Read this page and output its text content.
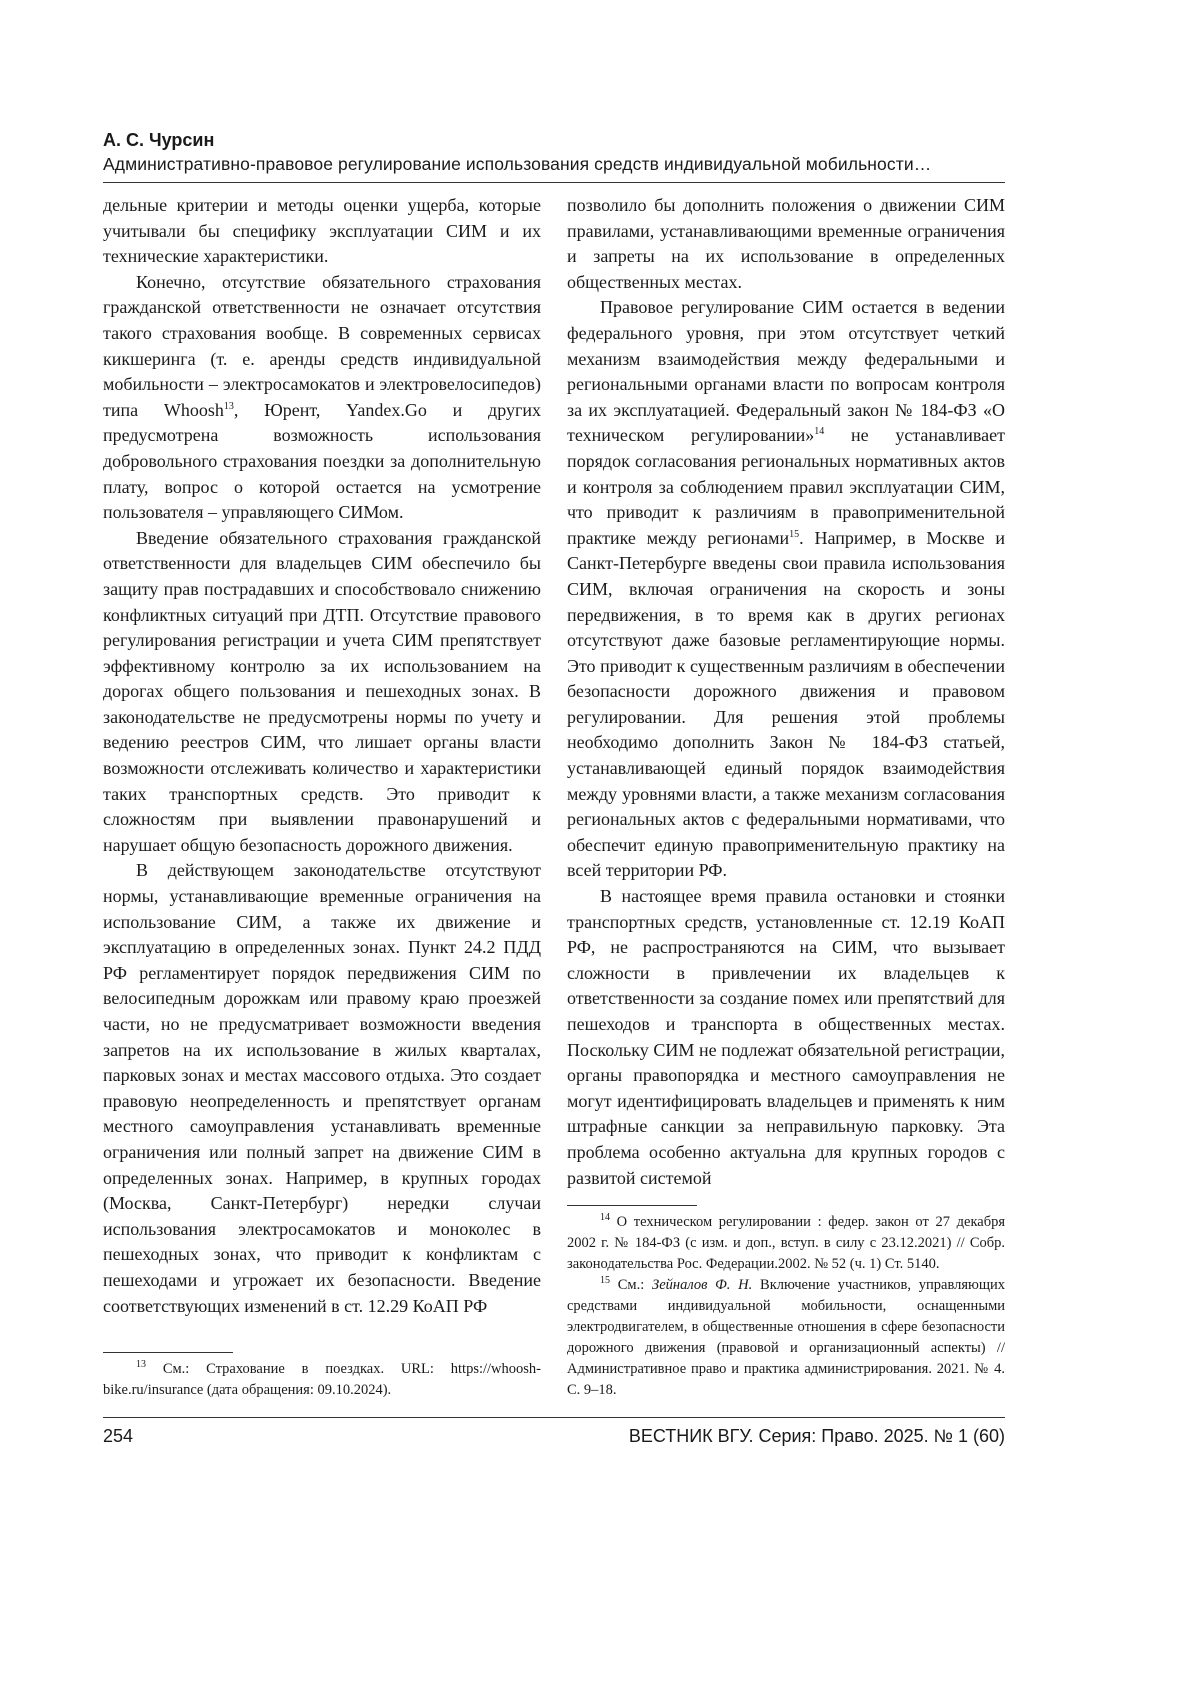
А. С. Чурсин
Административно-правовое регулирование использования средств индивидуальной мобильности…

дельные критерии и методы оценки ущерба, которые учитывали бы специфику эксплуатации СИМ и их технические характеристики.

Конечно, отсутствие обязательного страхования гражданской ответственности не означает отсутствия такого страхования вообще. В современных сервисах кикшеринга (т. е. аренды средств индивидуальной мобильности – электросамокатов и электровелосипедов) типа Whoosh13, Юрент, Yandex.Go и других предусмотрена возможность использования добровольного страхования поездки за дополнительную плату, вопрос о которой остается на усмотрение пользователя – управляющего СИМом.

Введение обязательного страхования гражданской ответственности для владельцев СИМ обеспечило бы защиту прав пострадавших и способствовало снижению конфликтных ситуаций при ДТП. Отсутствие правового регулирования регистрации и учета СИМ препятствует эффективному контролю за их использованием на дорогах общего пользования и пешеходных зонах. В законодательстве не предусмотрены нормы по учету и ведению реестров СИМ, что лишает органы власти возможности отслеживать количество и характеристики таких транспортных средств. Это приводит к сложностям при выявлении правонарушений и нарушает общую безопасность дорожного движения.

В действующем законодательстве отсутствуют нормы, устанавливающие временные ограничения на использование СИМ, а также их движение и эксплуатацию в определенных зонах. Пункт 24.2 ПДД РФ регламентирует порядок передвижения СИМ по велосипедным дорожкам или правому краю проезжей части, но не предусматривает возможности введения запретов на их использование в жилых кварталах, парковых зонах и местах массового отдыха. Это создает правовую неопределенность и препятствует органам местного самоуправления устанавливать временные ограничения или полный запрет на движение СИМ в определенных зонах. Например, в крупных городах (Москва, Санкт-Петербург) нередки случаи использования электросамокатов и моноколес в пешеходных зонах, что приводит к конфликтам с пешеходами и угрожает их безопасности. Введение соответствующих изменений в ст. 12.29 КоАП РФ

13 См.: Страхование в поездках. URL: https://whoosh-bike.ru/insurance (дата обращения: 09.10.2024).

позволило бы дополнить положения о движении СИМ правилами, устанавливающими временные ограничения и запреты на их использование в определенных общественных местах.

Правовое регулирование СИМ остается в ведении федерального уровня, при этом отсутствует четкий механизм взаимодействия между федеральными и региональными органами власти по вопросам контроля за их эксплуатацией. Федеральный закон № 184-ФЗ «О техническом регулировании»14 не устанавливает порядок согласования региональных нормативных актов и контроля за соблюдением правил эксплуатации СИМ, что приводит к различиям в правоприменительной практике между регионами15. Например, в Москве и Санкт-Петербурге введены свои правила использования СИМ, включая ограничения на скорость и зоны передвижения, в то время как в других регионах отсутствуют даже базовые регламентирующие нормы. Это приводит к существенным различиям в обеспечении безопасности дорожного движения и правовом регулировании. Для решения этой проблемы необходимо дополнить Закон № 184-ФЗ статьей, устанавливающей единый порядок взаимодействия между уровнями власти, а также механизм согласования региональных актов с федеральными нормативами, что обеспечит единую правоприменительную практику на всей территории РФ.

В настоящее время правила остановки и стоянки транспортных средств, установленные ст. 12.19 КоАП РФ, не распространяются на СИМ, что вызывает сложности в привлечении их владельцев к ответственности за создание помех или препятствий для пешеходов и транспорта в общественных местах. Поскольку СИМ не подлежат обязательной регистрации, органы правопорядка и местного самоуправления не могут идентифицировать владельцев и применять к ним штрафные санкции за неправильную парковку. Эта проблема особенно актуальна для крупных городов с развитой системой

14 О техническом регулировании : федер. закон от 27 декабря 2002 г. № 184-ФЗ (с изм. и доп., вступ. в силу с 23.12.2021) // Собр. законодательства Рос. Федерации.2002. № 52 (ч. 1) Ст. 5140.

15 См.: Зейналов Ф. Н. Включение участников, управляющих средствами индивидуальной мобильности, оснащенными электродвигателем, в общественные отношения в сфере безопасности дорожного движения (правовой и организационный аспекты) // Административное право и практика администрирования. 2021. № 4. С. 9–18.

254	ВЕСТНИК ВГУ. Серия: Право. 2025. № 1 (60)
